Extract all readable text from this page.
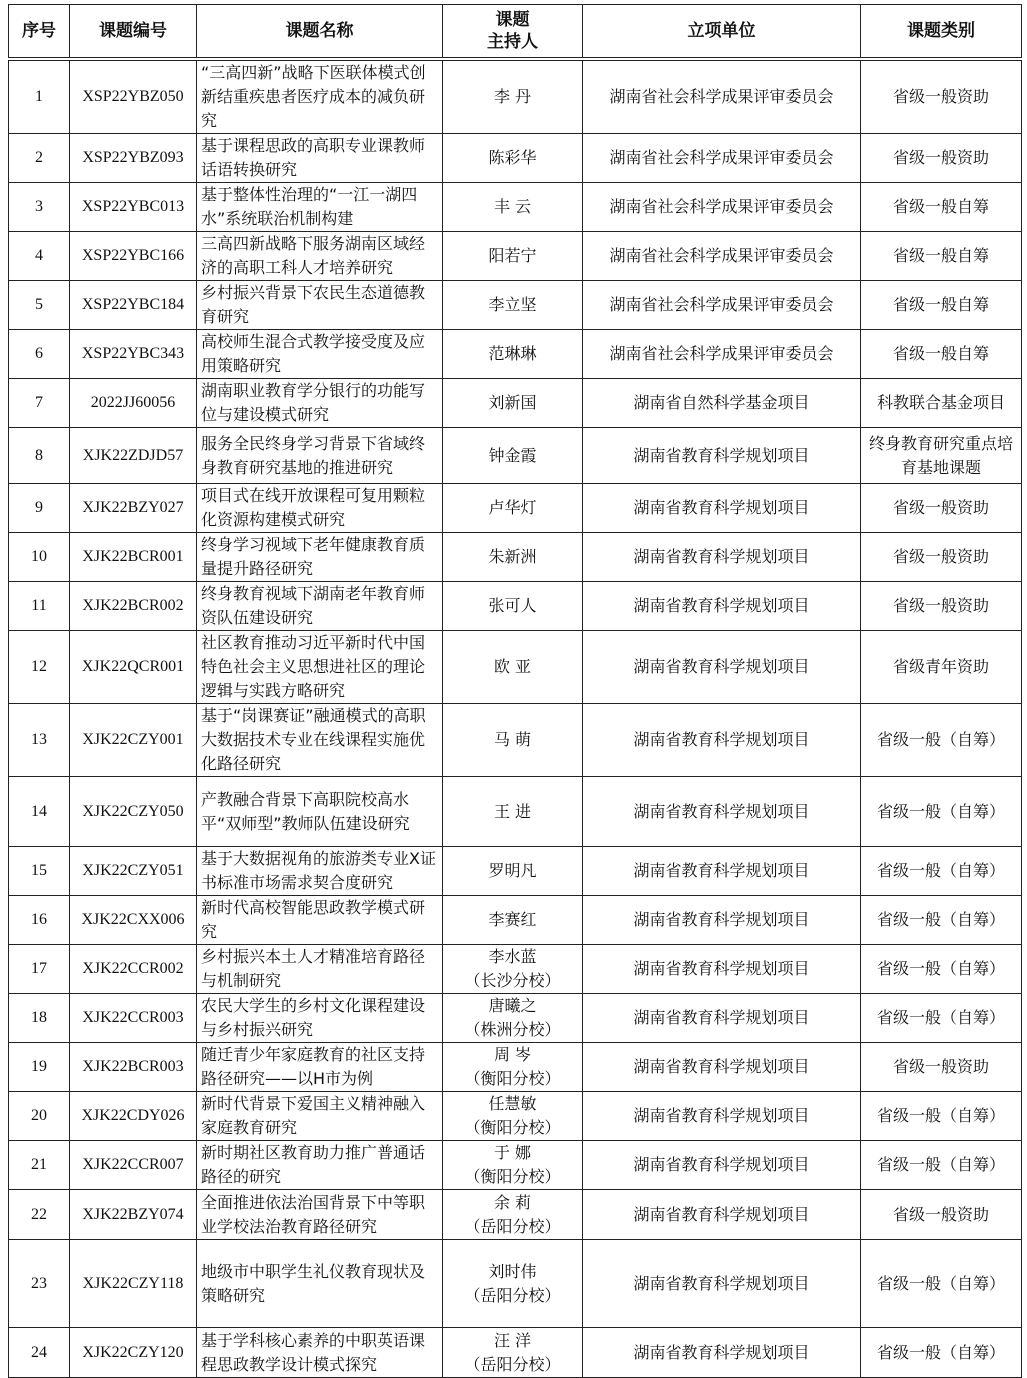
序号	课题编号	课题名称	课题
主持人	立项单位	课题类别

1	XSP22YBZ050	“三高四新”战略下医联体模式创新结重疾患者医疗成本的减负研究	李 丹	湖南省社会科学成果评审委员会	省级一般资助
2	XSP22YBZ093	基于课程思政的高职专业课教师话语转换研究	陈彩华	湖南省社会科学成果评审委员会	省级一般资助
3	XSP22YBC013	基于整体性治理的“一江一湖四水”系统联治机制构建	丰 云	湖南省社会科学成果评审委员会	省级一般自筹
4	XSP22YBC166	三高四新战略下服务湖南区域经济的高职工科人才培养研究	阳若宁	湖南省社会科学成果评审委员会	省级一般自筹
5	XSP22YBC184	乡村振兴背景下农民生态道德教育研究	李立坚	湖南省社会科学成果评审委员会	省级一般自筹
6	XSP22YBC343	高校师生混合式教学接受度及应用策略研究	范琳琳	湖南省社会科学成果评审委员会	省级一般自筹
7	2022JJ60056	湖南职业教育学分银行的功能写位与建设模式研究	刘新国	湖南省自然科学基金项目	科教联合基金项目
8	XJK22ZDJD57	服务全民终身学习背景下省域终身教育研究基地的推进研究	钟金霞	湖南省教育科学规划项目	终身教育研究重点培育基地课题
9	XJK22BZY027	项目式在线开放课程可复用颗粒化资源构建模式研究	卢华灯	湖南省教育科学规划项目	省级一般资助
10	XJK22BCR001	终身学习视域下老年健康教育质量提升路径研究	朱新洲	湖南省教育科学规划项目	省级一般资助
11	XJK22BCR002	终身教育视域下湖南老年教育师资队伍建设研究	张可人	湖南省教育科学规划项目	省级一般资助
12	XJK22QCR001	社区教育推动习近平新时代中国特色社会主义思想进社区的理论逻辑与实践方略研究	欧 亚	湖南省教育科学规划项目	省级青年资助
13	XJK22CZY001	基于“岗课赛证”融通模式的高职大数据技术专业在线课程实施优化路径研究	马 萌	湖南省教育科学规划项目	省级一般（自筹）
14	XJK22CZY050	产教融合背景下高职院校高水平“双师型”教师队伍建设研究	王 进	湖南省教育科学规划项目	省级一般（自筹）
15	XJK22CZY051	基于大数据视角的旅游类专业X证书标准市场需求契合度研究	罗明凡	湖南省教育科学规划项目	省级一般（自筹）
16	XJK22CXX006	新时代高校智能思政教学模式研究	李赛红	湖南省教育科学规划项目	省级一般（自筹）
17	XJK22CCR002	乡村振兴本土人才精准培育路径与机制研究	李水蓝
（长沙分校）	湖南省教育科学规划项目	省级一般（自筹）
18	XJK22CCR003	农民大学生的乡村文化课程建设与乡村振兴研究	唐曦之
（株洲分校）	湖南省教育科学规划项目	省级一般（自筹）
19	XJK22BCR003	随迁青少年家庭教育的社区支持路径研究——以H市为例	周 岑
（衡阳分校）	湖南省教育科学规划项目	省级一般资助
20	XJK22CDY026	新时代背景下爱国主义精神融入家庭教育研究	任慧敏
（衡阳分校）	湖南省教育科学规划项目	省级一般（自筹）
21	XJK22CCR007	新时期社区教育助力推广普通话路径的研究	于 娜
（衡阳分校）	湖南省教育科学规划项目	省级一般（自筹）
22	XJK22BZY074	全面推进依法治国背景下中等职业学校法治教育路径研究	余 莉
（岳阳分校）	湖南省教育科学规划项目	省级一般资助
23	XJK22CZY118	地级市中职学生礼仪教育现状及策略研究	刘时伟
（岳阳分校）	湖南省教育科学规划项目	省级一般（自筹）
24	XJK22CZY120	基于学科核心素养的中职英语课程思政教学设计模式探究	汪 洋
（岳阳分校）	湖南省教育科学规划项目	省级一般（自筹）
